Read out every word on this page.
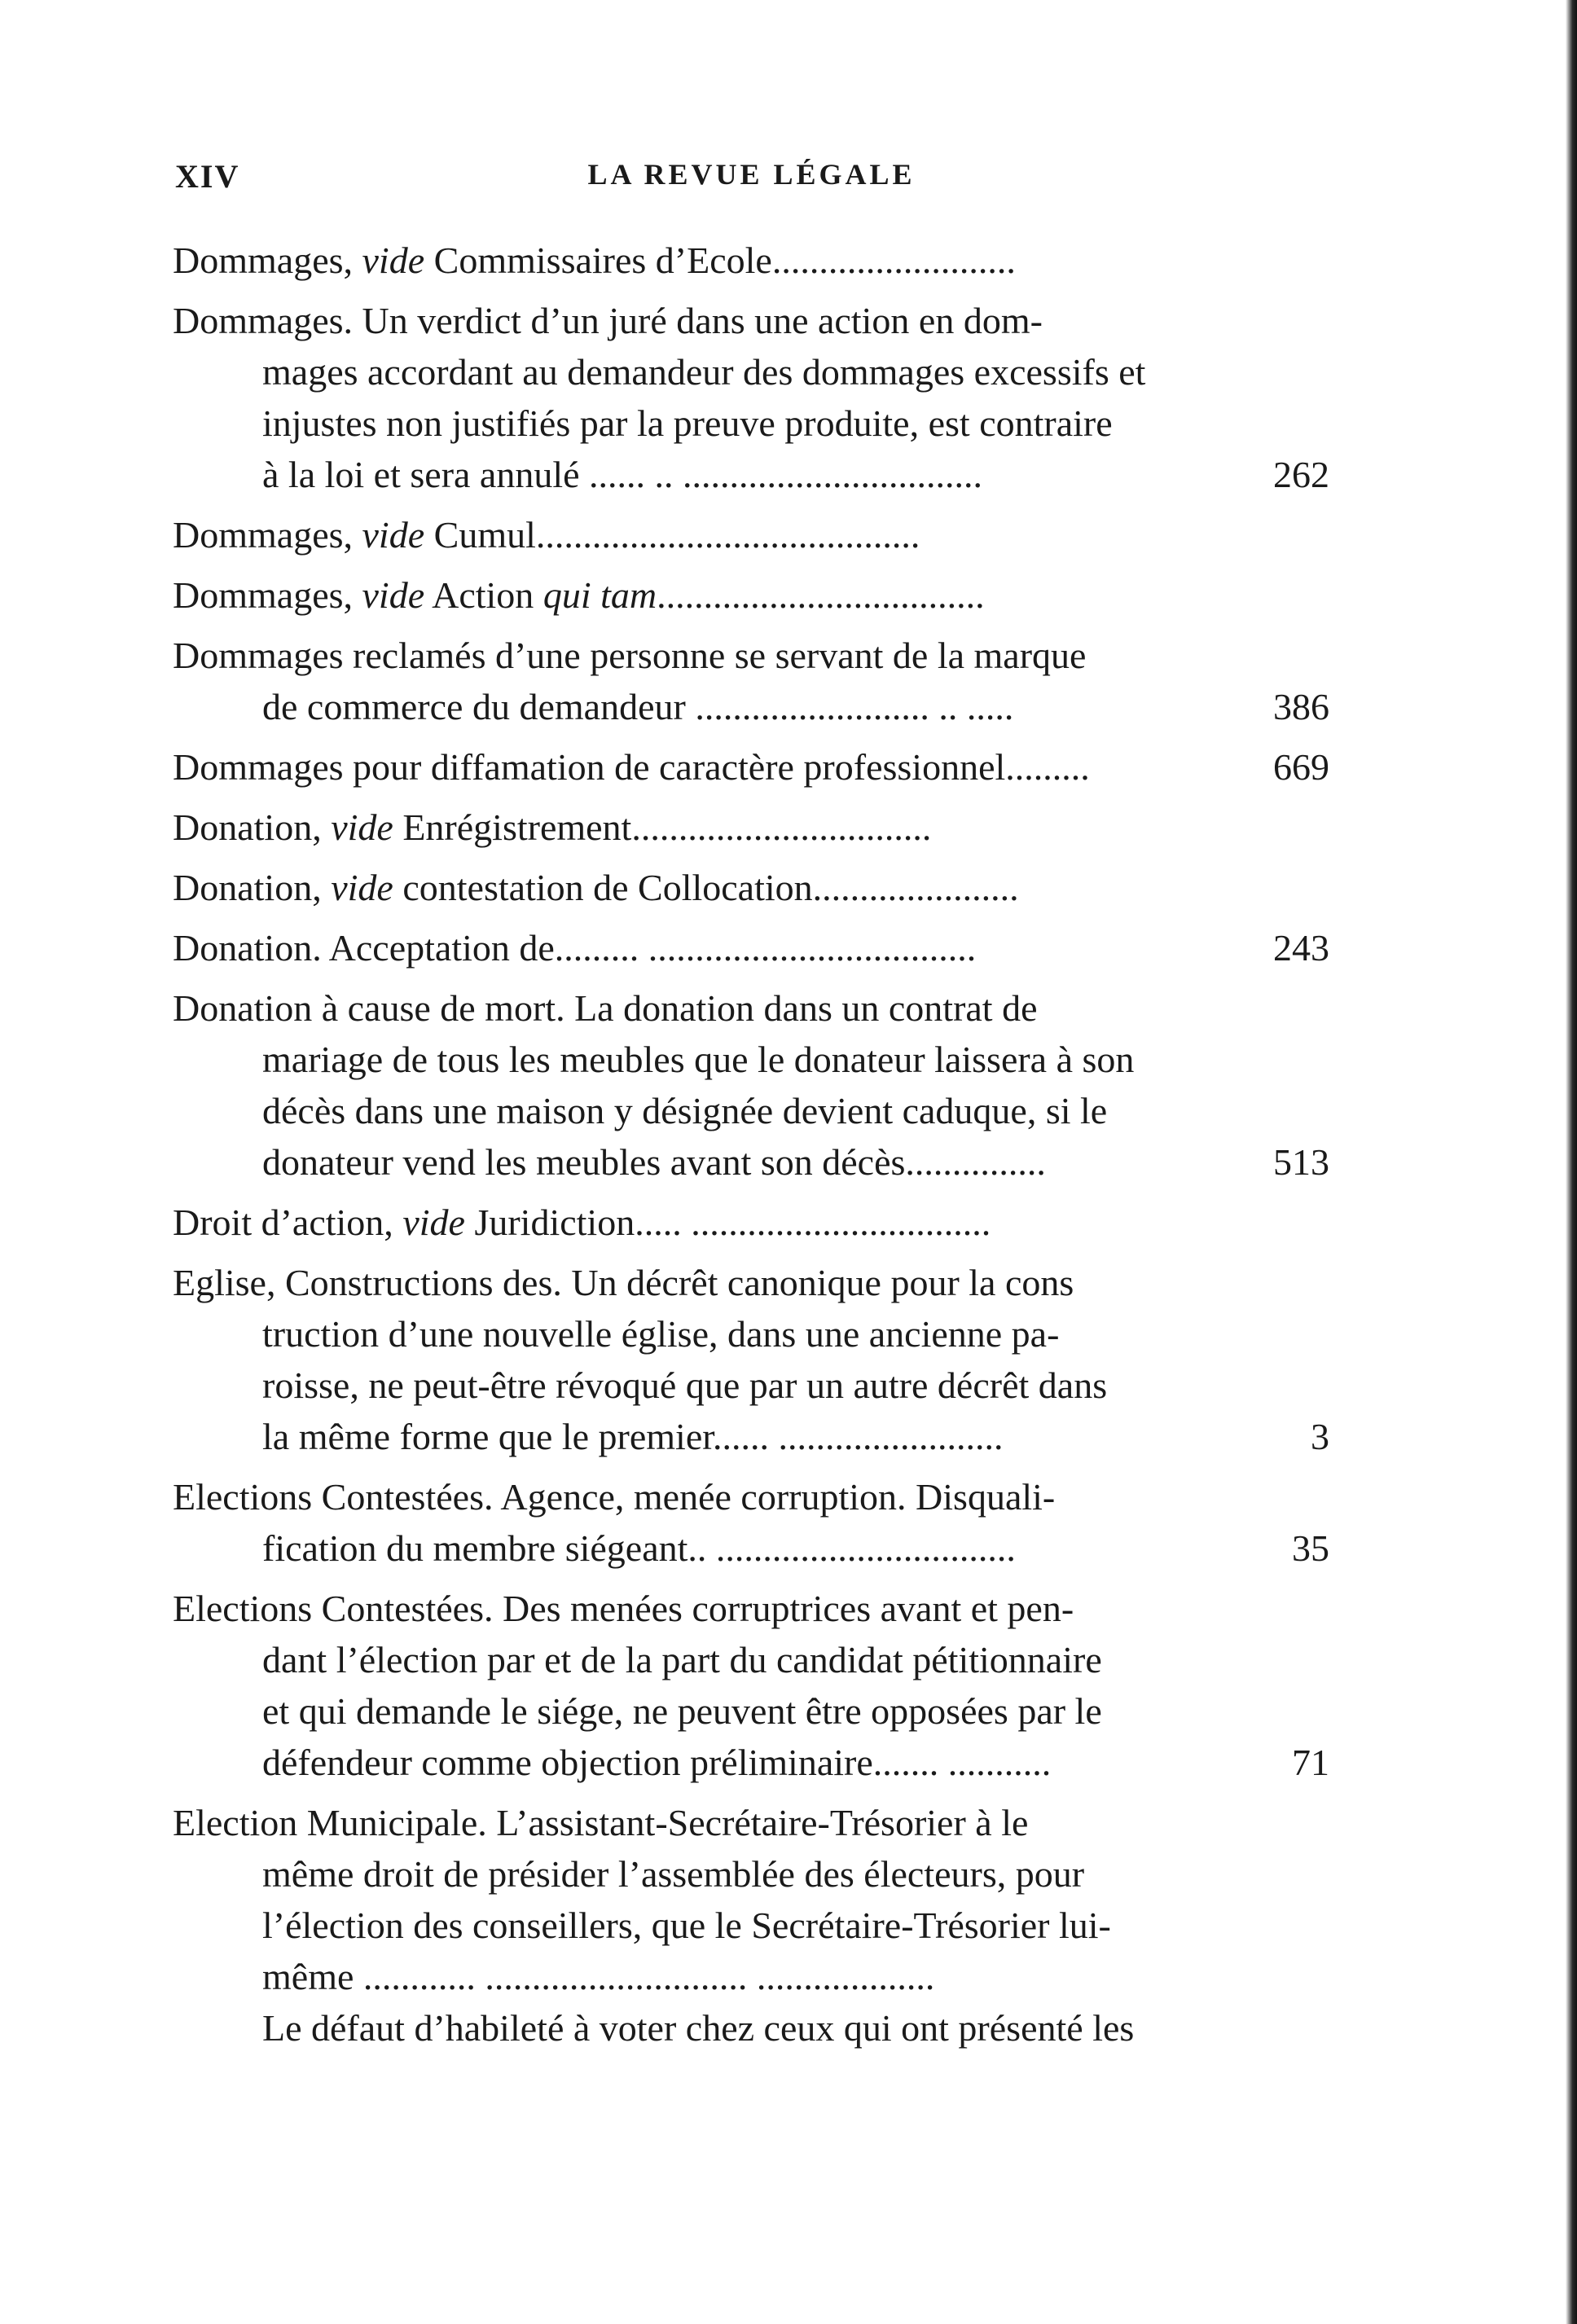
XIV	LA REVUE LÉGALE
Dommages, vide Commissaires d’Ecole..........................
Dommages. Un verdict d’un juré dans une action en dom-
mages accordant au demandeur des dommages excessifs et
injustes non justifiés par la preuve produite, est contraire
à la loi et sera annulé ...... .. ................................	262
Dommages, vide Cumul.........................................
Dommages, vide Action qui tam...................................
Dommages reclamés d’une personne se servant de la marque
de commerce du demandeur ......................... .. .....	386
Dommages pour diffamation de caractère professionnel.........	669
Donation, vide Enrégistrement................................
Donation, vide contestation de Collocation......................
Donation. Acceptation de......... ...................................	243
Donation à cause de mort. La donation dans un contrat de
mariage de tous les meubles que le donateur laissera à son
décès dans une maison y désignée devient caduque, si le
donateur vend les meubles avant son décès...............	513
Droit d’action, vide Juridiction..... ................................
Eglise, Constructions des. Un décrêt canonique pour la cons
truction d’une nouvelle église, dans une ancienne pa-
roisse, ne peut-être révoqué que par un autre décrêt dans
la même forme que le premier...... ........................	3
Elections Contestées. Agence, menée corruption. Disquali-
fication du membre siégeant.. ................................	35
Elections Contestées. Des menées corruptrices avant et pen-
dant l’élection par et de la part du candidat pétitionnaire
et qui demande le siége, ne peuvent être opposées par le
défendeur comme objection préliminaire....... ...........	71
Election Municipale. L’assistant-Secrétaire-Trésorier à le
même droit de présider l’assemblée des électeurs, pour
l’élection des conseillers, que le Secrétaire-Trésorier lui-
même ............ ............................ ...................
Le défaut d’habileté à voter chez ceux qui ont présenté les
